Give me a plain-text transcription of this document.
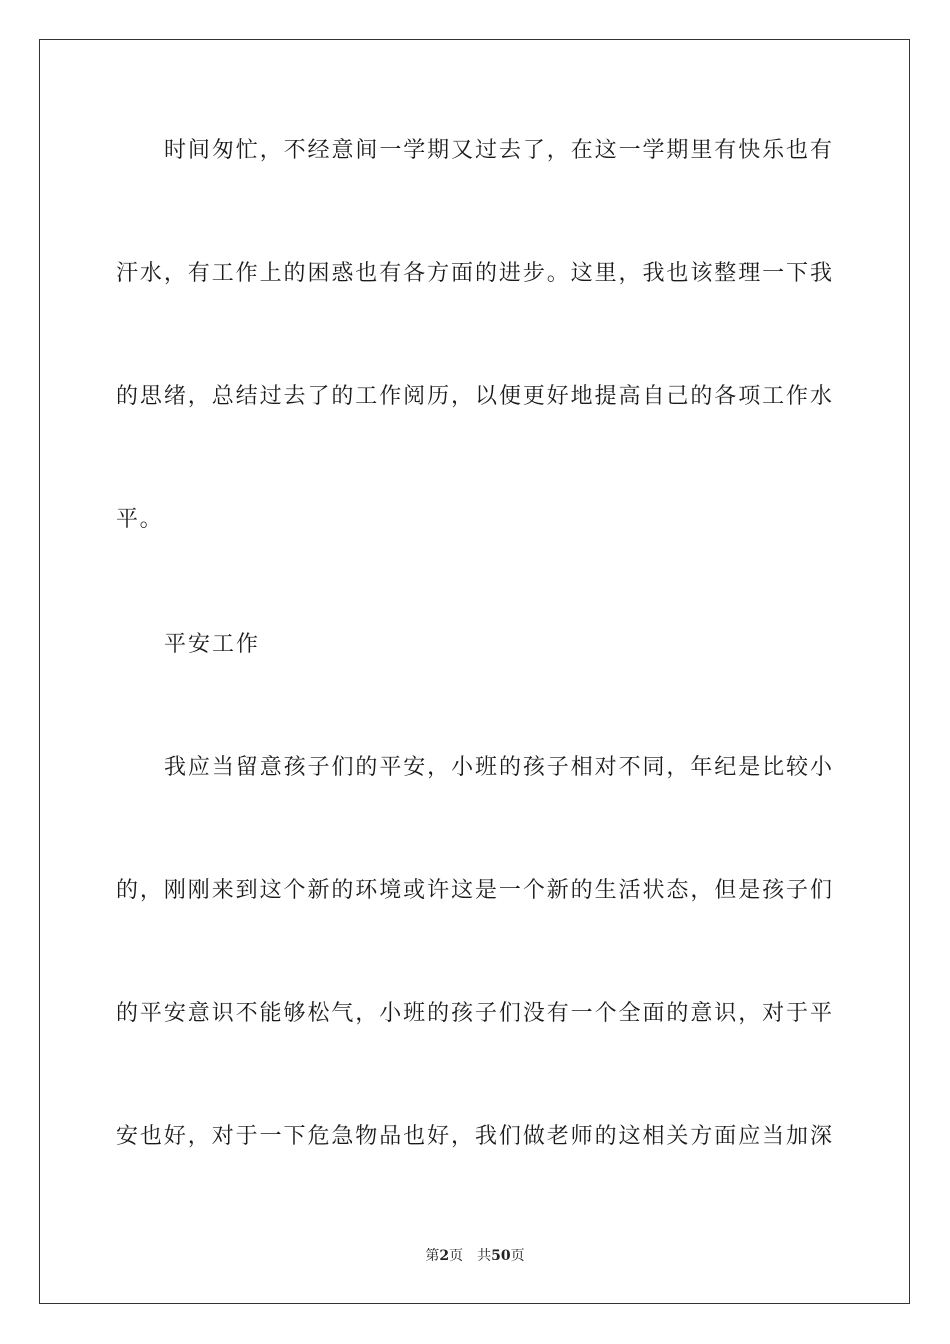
时间匆忙，不经意间一学期又过去了，在这一学期里有快乐也有
汗水，有工作上的困惑也有各方面的进步。这里，我也该整理一下我
的思绪，总结过去了的工作阅历，以便更好地提高自己的各项工作水
平。
平安工作
我应当留意孩子们的平安，小班的孩子相对不同，年纪是比较小
的，刚刚来到这个新的环境或许这是一个新的生活状态，但是孩子们
的平安意识不能够松气，小班的孩子们没有一个全面的意识，对于平
安也好，对于一下危急物品也好，我们做老师的这相关方面应当加深
第2页 共50页
